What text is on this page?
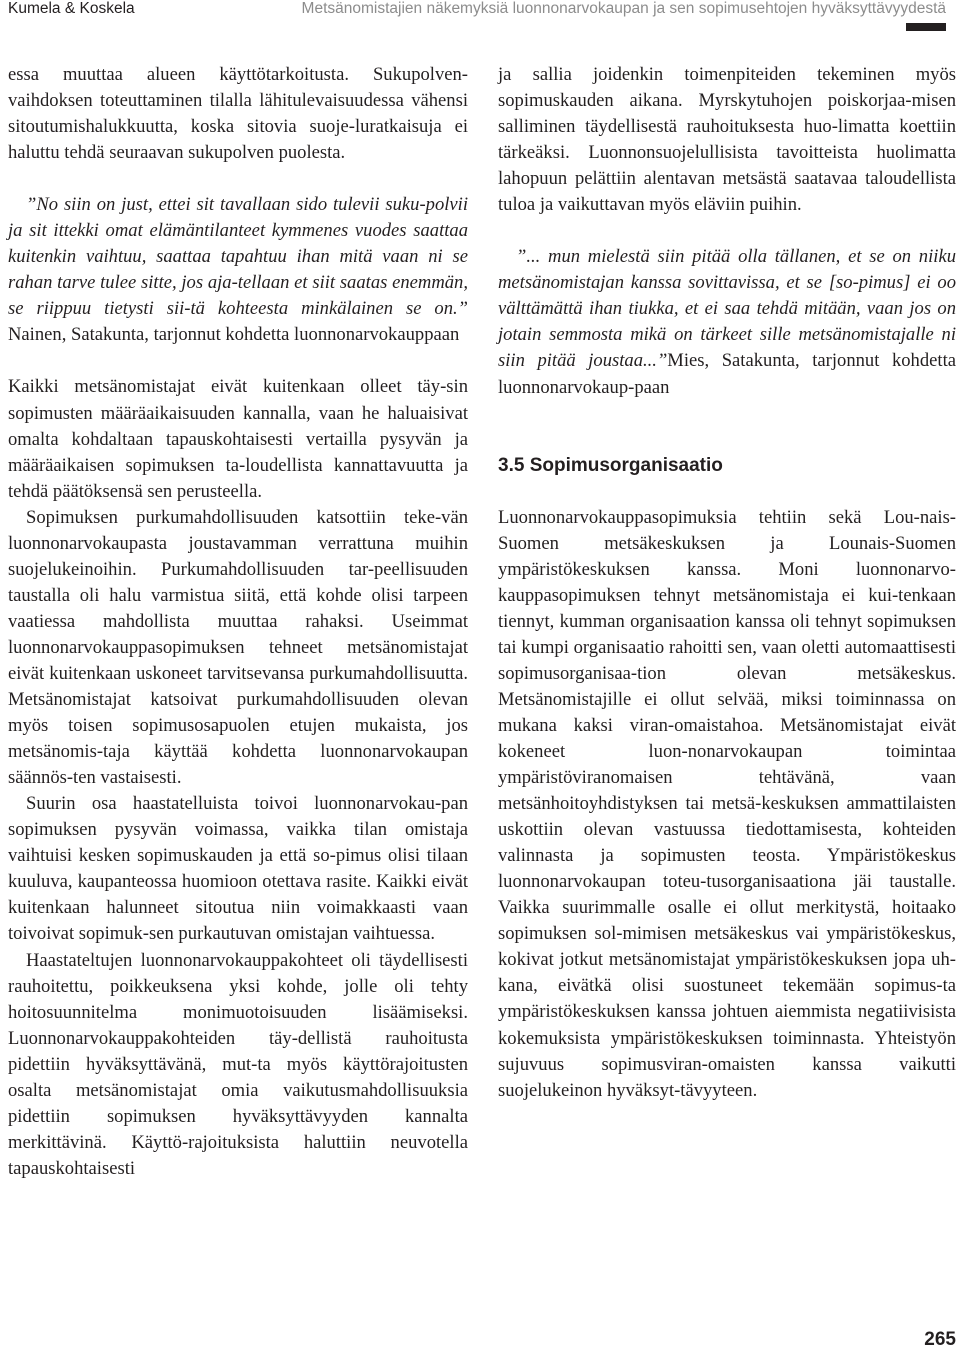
Kumela & Koskela	Metsänomistajien näkemyksiä luonnonarvokaupan ja sen sopimusehtojen hyväksyttävyydestä

essa muuttaa alueen käyttötarkoitusta. Sukupolven-vaihdoksen toteuttaminen tilalla lähitulevaisuudessa vähensi sitoutumishalukkuutta, koska sitovia suoje-luratkaisuja ei haluttu tehdä seuraavan sukupolven puolesta.

”No siin on just, ettei sit tavallaan sido tulevii suku-polvii ja sit ittekki omat elämäntilanteet kymmenes vuodes saattaa kuitenkin vaihtuu, saattaa tapahtuu ihan mitä vaan ni se rahan tarve tulee sitte, jos aja-tellaan et siit saatas enemmän, se riippuu tietysti sii-tä kohteesta minkälainen se on.” Nainen, Satakunta, tarjonnut kohdetta luonnonarvokauppaan

Kaikki metsänomistajat eivät kuitenkaan olleet täy-sin sopimusten määräaikaisuuden kannalla, vaan he haluaisivat omalta kohdaltaan tapauskohtaisesti vertailla pysyvän ja määräaikaisen sopimuksen ta-loudellista kannattavuutta ja tehdä päätöksensä sen perusteella.

Sopimuksen purkumahdollisuuden katsottiin teke-vän luonnonarvokaupasta joustavamman verrattuna muihin suojelukeinoihin. Purkumahdollisuuden tar-peellisuuden taustalla oli halu varmistua siitä, että kohde olisi tarpeen vaatiessa mahdollista muuttaa rahaksi. Useimmat luonnonarvokauppasopimuksen tehneet metsänomistajat eivät kuitenkaan uskoneet tarvitsevansa purkumahdollisuutta. Metsänomistajat katsoivat purkumahdollisuuden olevan myös toisen sopimusosapuolen etujen mukaista, jos metsänomis-taja käyttää kohdetta luonnonarvokaupan säännös-ten vastaisesti.

Suurin osa haastatelluista toivoi luonnonarvokau-pan sopimuksen pysyvän voimassa, vaikka tilan omistaja vaihtuisi kesken sopimuskauden ja että so-pimus olisi tilaan kuuluva, kaupanteossa huomioon otettava rasite. Kaikki eivät kuitenkaan halunneet sitoutua niin voimakkaasti vaan toivoivat sopimuk-sen purkautuvan omistajan vaihtuessa.

Haastateltujen luonnonarvokauppakohteet oli täydellisesti rauhoitettu, poikkeuksena yksi kohde, jolle oli tehty hoitosuunnitelma monimuotoisuuden lisäämiseksi. Luonnonarvokauppakohteiden täy-dellistä rauhoitusta pidettiin hyväksyttävänä, mut-ta myös käyttörajoitusten osalta metsänomistajat omia vaikutusmahdollisuuksia pidettiin sopimuksen hyväksyttävyyden kannalta merkittävinä. Käyttö-rajoituksista haluttiin neuvotella tapauskohtaisesti

ja sallia joidenkin toimenpiteiden tekeminen myös sopimuskauden aikana. Myrskytuhojen poiskorjaa-misen salliminen täydellisestä rauhoituksesta huo-limatta koettiin tärkeäksi. Luonnonsuojelullisista tavoitteista huolimatta lahopuun pelättiin alentavan metsästä saatavaa taloudellista tuloa ja vaikuttavan myös eläviin puihin.

”... mun mielestä siin pitää olla tällanen, et se on niiku metsänomistajan kanssa sovittavissa, et se [so-pimus] ei oo välttämättä ihan tiukka, et ei saa tehdä mitään, vaan jos on jotain semmosta mikä on tärkeet sille metsänomistajalle ni siin pitää joustaa...”Mies, Satakunta, tarjonnut kohdetta luonnonarvokaup-paan

3.5 Sopimusorganisaatio

Luonnonarvokauppasopimuksia tehtiin sekä Lou-nais-Suomen metsäkeskuksen ja Lounais-Suomen ympäristökeskuksen kanssa. Moni luonnonarvo-kauppasopimuksen tehnyt metsänomistaja ei kui-tenkaan tiennyt, kumman organisaation kanssa oli tehnyt sopimuksen tai kumpi organisaatio rahoitti sen, vaan oletti automaattisesti sopimusorganisaa-tion olevan metsäkeskus. Metsänomistajille ei ollut selvää, miksi toiminnassa on mukana kaksi viran-omaistahoa. Metsänomistajat eivät kokeneet luon-nonarvokaupan toimintaa ympäristöviranomaisen tehtävänä, vaan metsänhoitoyhdistyksen tai metsä-keskuksen ammattilaisten uskottiin olevan vastuussa tiedottamisesta, kohteiden valinnasta ja sopimusten teosta. Ympäristökeskus luonnonarvokaupan toteu-tusorganisaationa jäi taustalle. Vaikka suurimmalle osalle ei ollut merkitystä, hoitaako sopimuksen sol-mimisen metsäkeskus vai ympäristökeskus, kokivat jotkut metsänomistajat ympäristökeskuksen jopa uh-kana, eivätkä olisi suostuneet tekemään sopimus-ta ympäristökeskuksen kanssa johtuen aiemmista negatiivisista kokemuksista ympäristökeskuksen toiminnasta. Yhteistyön sujuvuus sopimusviran-omaisten kanssa vaikutti suojelukeinon hyväksyt-tävyyteen.

265
